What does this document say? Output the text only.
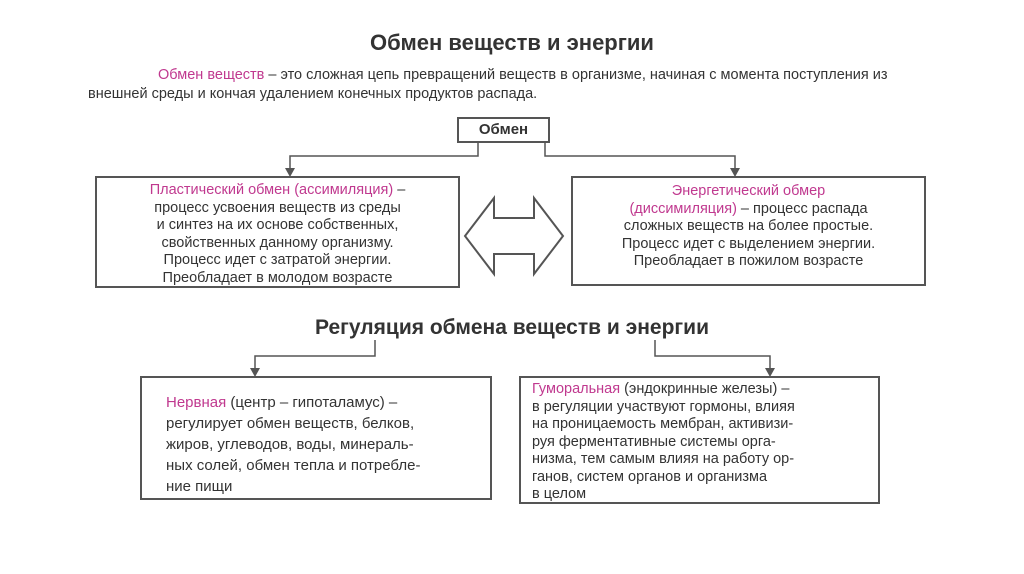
Обмен веществ и энергии
Обмен веществ – это сложная цепь превращений веществ в организме, начиная с момента поступления из внешней среды и кончая удалением конечных продуктов распада.
Обмен
Пластический обмен (ассимиляция) –
процесс усвоения веществ из среды
и синтез на их основе собственных,
свойственных данному организму.
Процесс идет с затратой энергии.
Преобладает в молодом возрасте
Энергетический обмер
(диссимиляция) – процесс распада
сложных веществ на более простые.
Процесс идет с выделением энергии.
Преобладает в пожилом возрасте
Регуляция обмена веществ и энергии
Нервная (центр – гипоталамус) –
регулирует обмен веществ, белков,
жиров, углеводов, воды, минераль-
ных солей, обмен тепла и потребле-
ние пищи
Гуморальная (эндокринные железы) –
в регуляции участвуют гормоны, влияя
на проницаемость мембран, активизи-
руя ферментативные системы орга-
низма, тем самым влияя на работу ор-
ганов, систем органов и организма
в целом
